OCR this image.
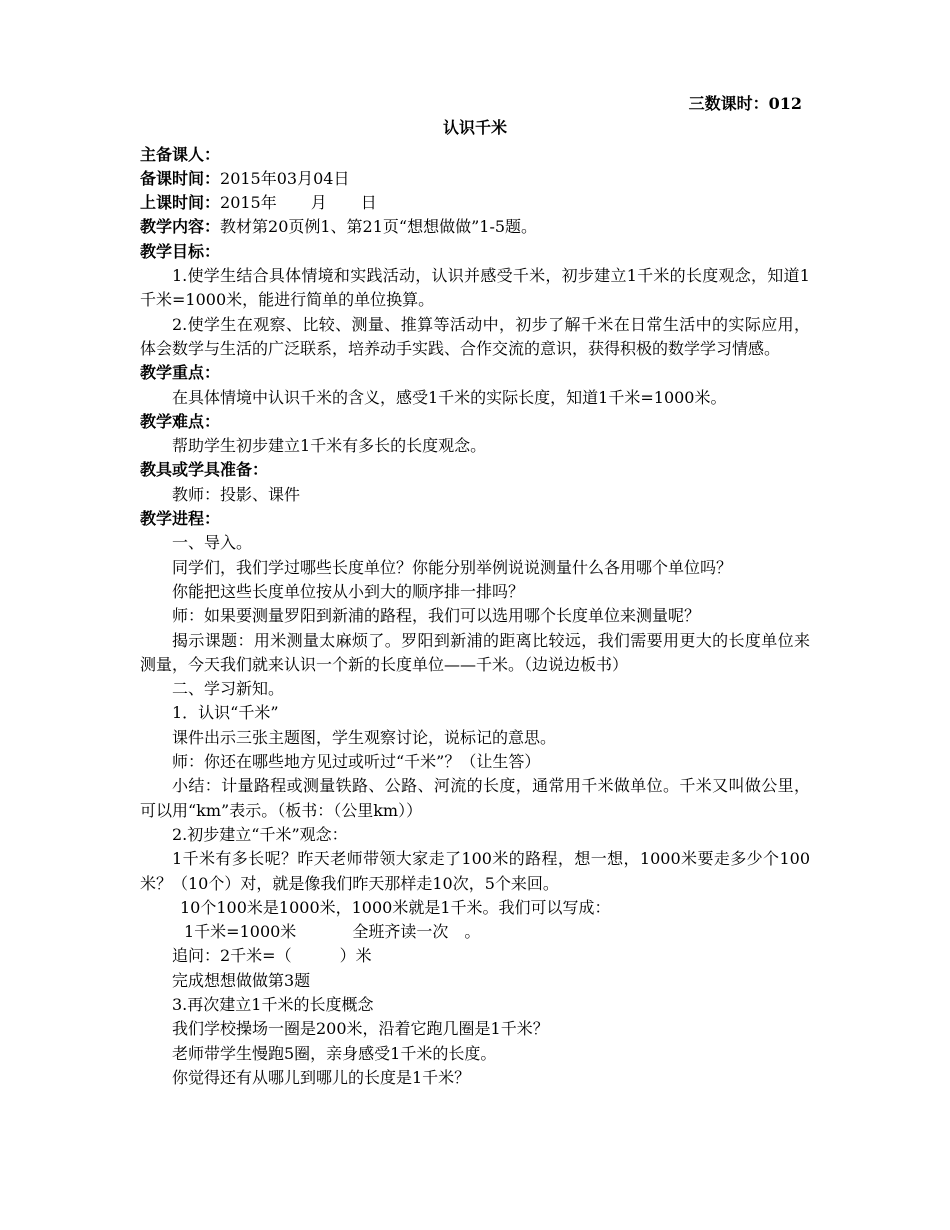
三数课时：012
认识千米
主备课人：
备课时间：2015年03月04日
上课时间：2015年 月 日
教学内容：教材第20页例1、第21页“想想做做”1-5题。
教学目标：
1.使学生结合具体情境和实践活动，认识并感受千米，初步建立1千米的长度观念，知道1千米=1000米，能进行简单的单位换算。
2.使学生在观察、比较、测量、推算等活动中，初步了解千米在日常生活中的实际应用，体会数学与生活的广泛联系，培养动手实践、合作交流的意识，获得积极的数学学习情感。
教学重点：
在具体情境中认识千米的含义，感受1千米的实际长度，知道1千米=1000米。
教学难点：
帮助学生初步建立1千米有多长的长度观念。
教具或学具准备：
教师：投影、课件
教学进程：
一、导入。
同学们，我们学过哪些长度单位？你能分别举例说说测量什么各用哪个单位吗？
你能把这些长度单位按从小到大的顺序排一排吗？
师：如果要测量罗阳到新浦的路程，我们可以选用哪个长度单位来测量呢？
揭示课题：用米测量太麻烦了。罗阳到新浦的距离比较远，我们需要用更大的长度单位来测量，今天我们就来认识一个新的长度单位——千米。（边说边板书）
二、学习新知。
1．认识“千米”
课件出示三张主题图，学生观察讨论，说标记的意思。
师：你还在哪些地方见过或听过“千米”？（让生答）
小结：计量路程或测量铁路、公路、河流的长度，通常用千米做单位。千米又叫做公里，可以用“km”表示。（板书：（公里km））
2.初步建立“千米”观念：
1千米有多长呢？昨天老师带领大家走了100米的路程，想一想，1000米要走多少个100米？（10个）对，就是像我们昨天那样走10次，5个来回。
10个100米是1000米，1000米就是1千米。我们可以写成：
1千米=1000米	全班齐读一次　。
追问：2千米=（	）米
完成想想做做第3题
3.再次建立1千米的长度概念
我们学校操场一圈是200米，沿着它跑几圈是1千米？
老师带学生慢跑5圈，亲身感受1千米的长度。
你觉得还有从哪儿到哪儿的长度是1千米？
